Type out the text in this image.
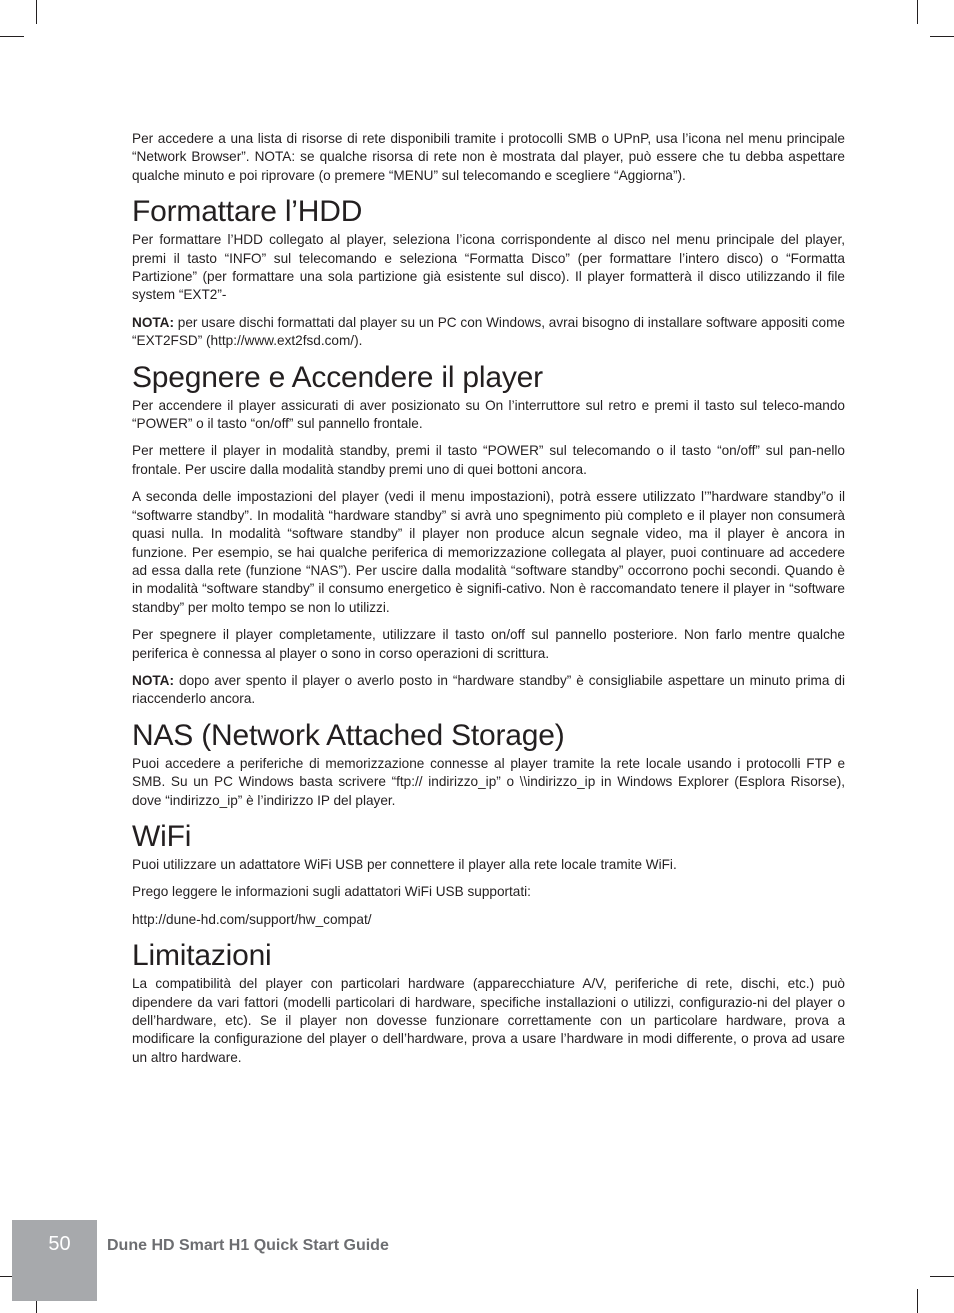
Per accedere a una lista di risorse di rete disponibili tramite i protocolli SMB o UPnP, usa l’icona nel menu principale “Network Browser”. NOTA: se qualche risorsa di rete non è mostrata dal player, può essere che tu debba aspettare qualche minuto e poi riprovare (o premere “MENU” sul telecomando e scegliere “Aggiorna”).

Formattare l’HDD

Per formattare l’HDD collegato al player, seleziona l’icona corrispondente al disco nel menu principale del player, premi il tasto “INFO” sul telecomando e seleziona “Formatta Disco” (per formattare l’intero disco) o “Formatta Partizione” (per formattare una sola partizione già esistente sul disco). Il player formatterà il disco utilizzando il file system “EXT2”-

NOTA: per usare dischi formattati dal player su un PC con Windows, avrai bisogno di installare software appositi come “EXT2FSD” (http://www.ext2fsd.com/).

Spegnere e Accendere il player

Per accendere il player assicurati di aver posizionato su On l’interruttore sul retro e premi il tasto sul teleco-mando “POWER” o il tasto “on/off” sul pannello frontale.

Per mettere il player in modalità standby, premi il tasto “POWER” sul telecomando o il tasto “on/off” sul pan-nello frontale. Per uscire dalla modalità standby premi uno di quei bottoni ancora.

A seconda delle impostazioni del player (vedi il menu impostazioni), potrà essere utilizzato l’”hardware standby”o il “softwarre standby”. In modalità “hardware standby” si avrà uno spegnimento più completo e il player non consumerà quasi nulla. In modalità “software standby” il player non produce alcun segnale video, ma il player è ancora in funzione. Per esempio, se hai qualche periferica di memorizzazione collegata al player, puoi continuare ad accedere ad essa dalla rete (funzione “NAS”). Per uscire dalla modalità “software standby” occorrono pochi secondi. Quando è in modalità “software standby” il consumo energetico è signifi-cativo. Non è raccomandato tenere il player in “software standby” per molto tempo se non lo utilizzi.

Per spegnere il player completamente, utilizzare il tasto on/off sul pannello posteriore. Non farlo mentre qualche periferica è connessa al player o sono in corso operazioni di scrittura.

NOTA: dopo aver spento il player o averlo posto in “hardware standby” è consigliabile aspettare un minuto prima di riaccenderlo ancora.

NAS (Network Attached Storage)

Puoi accedere a periferiche di memorizzazione connesse al player tramite la rete locale usando i protocolli FTP e SMB. Su un PC Windows basta scrivere “ftp:// indirizzo_ip” o \\indirizzo_ip in Windows Explorer (Esplora Risorse), dove “indirizzo_ip” è l’indirizzo IP del player.

WiFi

Puoi utilizzare un adattatore WiFi USB per connettere il player alla rete locale tramite WiFi.

Prego leggere le informazioni sugli adattatori WiFi USB supportati:

http://dune-hd.com/support/hw_compat/

Limitazioni

La compatibilità del player con particolari hardware (apparecchiature A/V, periferiche di rete, dischi, etc.) può dipendere da vari fattori (modelli particolari di hardware, specifiche installazioni o utilizzi, configurazio-ni del player o dell’hardware, etc). Se il player non dovesse funzionare correttamente con un particolare hardware, prova a modificare la configurazione del player o dell’hardware, prova a usare l’hardware in modi differente, o prova ad usare un altro hardware.

50	Dune HD Smart H1 Quick Start Guide
